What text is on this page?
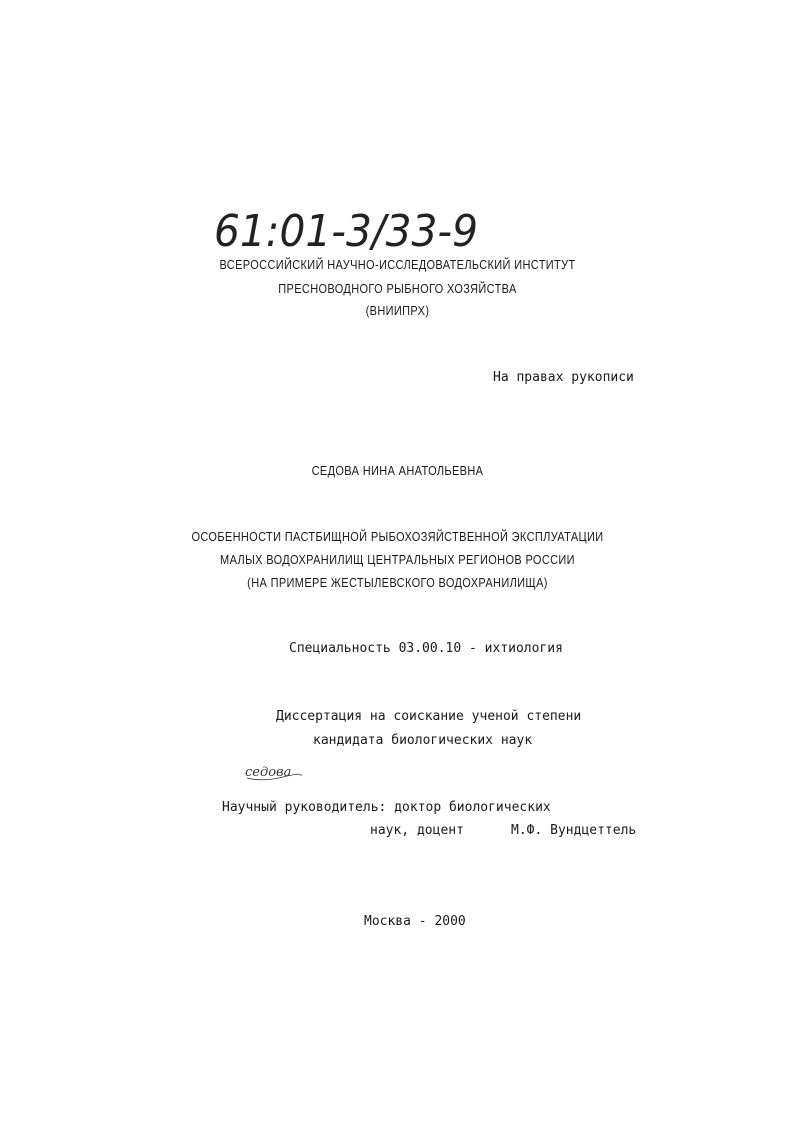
61:01-3/33-9
ВСЕРОССИЙСКИЙ НАУЧНО-ИССЛЕДОВАТЕЛЬСКИЙ ИНСТИТУТ
ПРЕСНОВОДНОГО РЫБНОГО ХОЗЯЙСТВА
(ВНИИПРХ)
На правах рукописи
СЕДОВА НИНА АНАТОЛЬЕВНА
ОСОБЕННОСТИ ПАСТБИЩНОЙ РЫБОХОЗЯЙСТВЕННОЙ ЭКСПЛУАТАЦИИ
МАЛЫХ ВОДОХРАНИЛИЩ ЦЕНТРАЛЬНЫХ РЕГИОНОВ РОССИИ
(НА ПРИМЕРЕ ЖЕСТЫЛЕВСКОГО ВОДОХРАНИЛИЩА)
Специальность 03.00.10 - ихтиология
Диссертация на соискание ученой степени
кандидата биологических наук
седова
Научный руководитель: доктор биологических
наук, доцент	М.Ф. Вундцеттель
Москва - 2000
